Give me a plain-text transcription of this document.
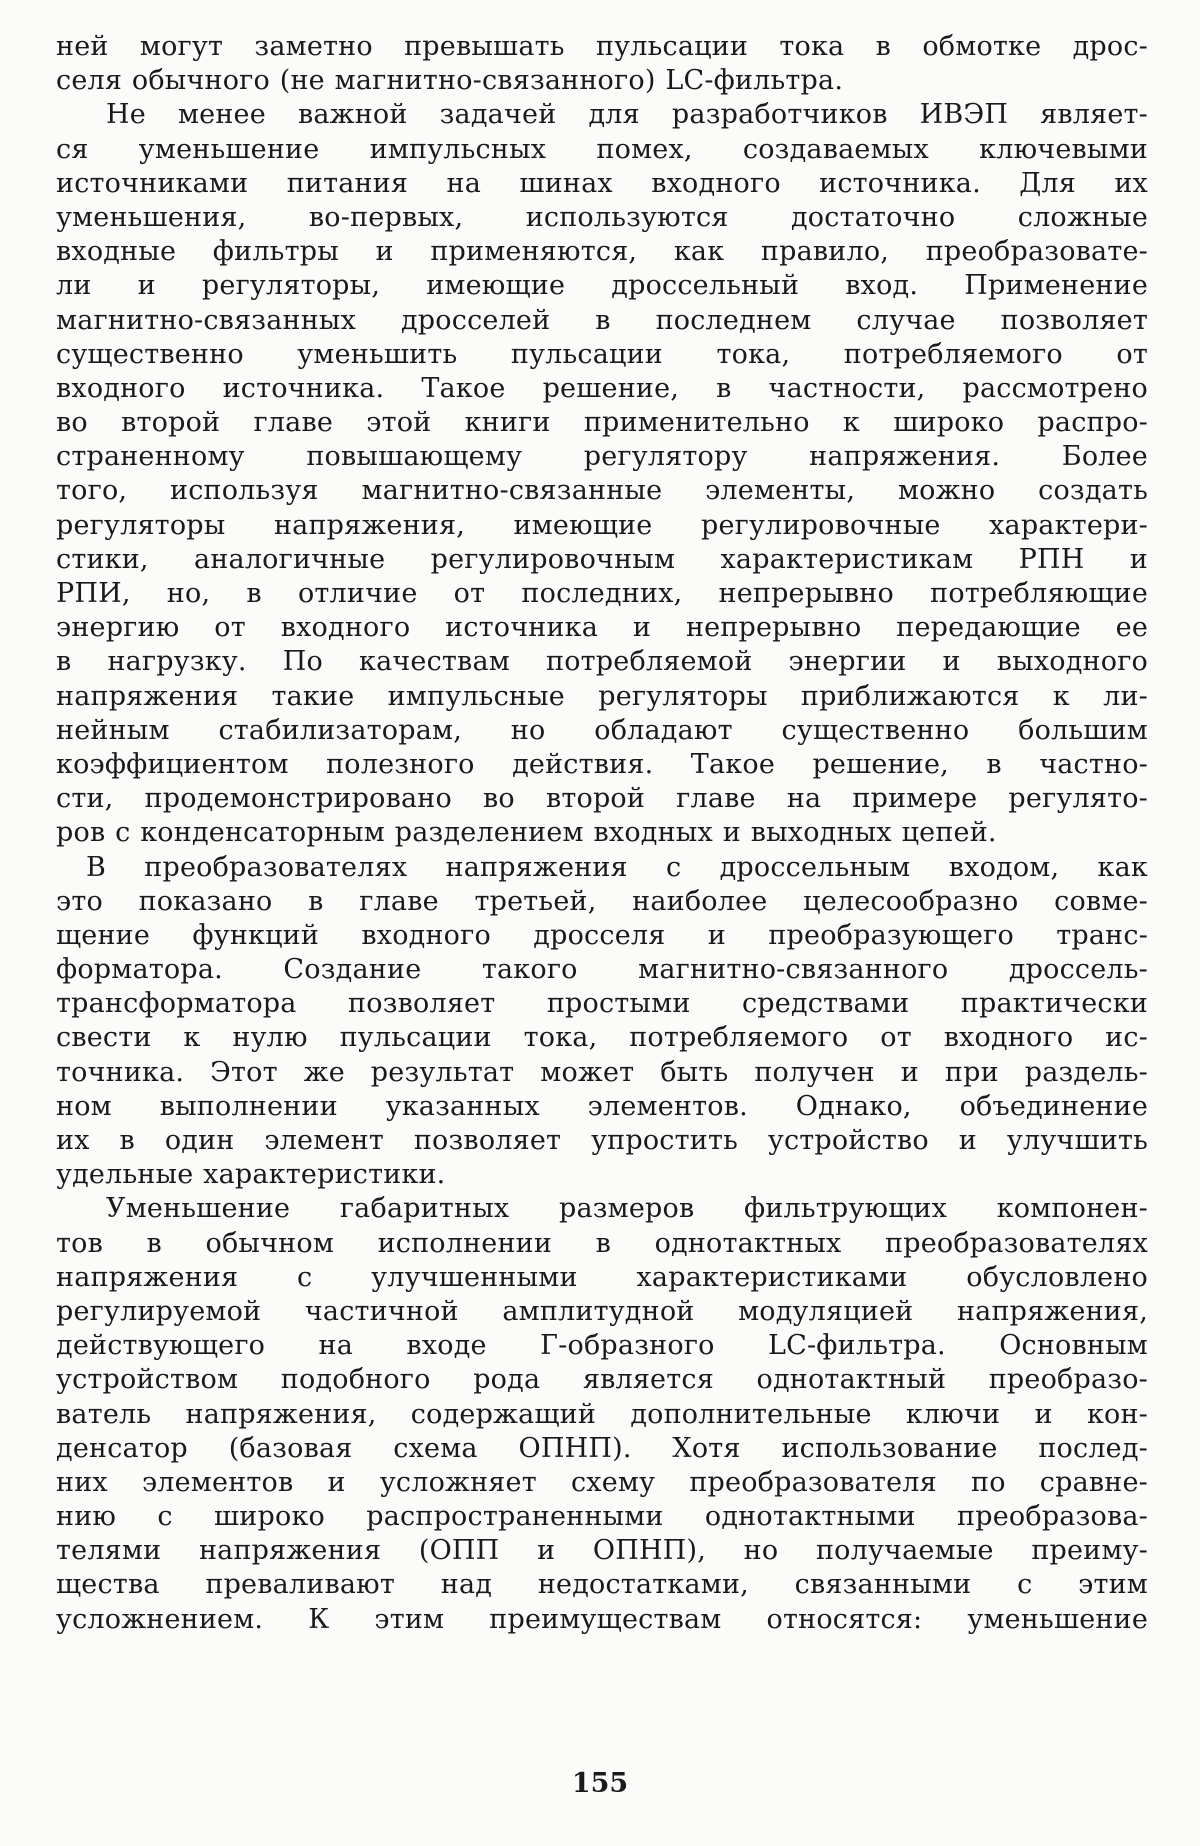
ней могут заметно превышать пульсации тока в обмотке дрос-
селя обычного (не магнитно-связанного) LC-фильтра.
Не менее важной задачей для разработчиков ИВЭП являет-
ся уменьшение импульсных помех, создаваемых ключевыми
источниками питания на шинах входного источника. Для их
уменьшения, во-первых, используются достаточно сложные
входные фильтры и применяются, как правило, преобразовате-
ли и регуляторы, имеющие дроссельный вход. Применение
магнитно-связанных дросселей в последнем случае позволяет
существенно уменьшить пульсации тока, потребляемого от
входного источника. Такое решение, в частности, рассмотрено
во второй главе этой книги применительно к широко распро-
страненному повышающему регулятору напряжения. Более
того, используя магнитно-связанные элементы, можно создать
регуляторы напряжения, имеющие регулировочные характери-
стики, аналогичные регулировочным характеристикам РПН и
РПИ, но, в отличие от последних, непрерывно потребляющие
энергию от входного источника и непрерывно передающие ее
в нагрузку. По качествам потребляемой энергии и выходного
напряжения такие импульсные регуляторы приближаются к ли-
нейным стабилизаторам, но обладают существенно большим
коэффициентом полезного действия. Такое решение, в частно-
сти, продемонстрировано во второй главе на примере регулято-
ров с конденсаторным разделением входных и выходных цепей.
В преобразователях напряжения с дроссельным входом, как
это показано в главе третьей, наиболее целесообразно совме-
щение функций входного дросселя и преобразующего транс-
форматора. Создание такого магнитно-связанного дроссель-
трансформатора позволяет простыми средствами практически
свести к нулю пульсации тока, потребляемого от входного ис-
точника. Этот же результат может быть получен и при раздель-
ном выполнении указанных элементов. Однако, объединение
их в один элемент позволяет упростить устройство и улучшить
удельные характеристики.
Уменьшение габаритных размеров фильтрующих компонен-
тов в обычном исполнении в однотактных преобразователях
напряжения с улучшенными характеристиками обусловлено
регулируемой частичной амплитудной модуляцией напряжения,
действующего на входе Г-образного LC-фильтра. Основным
устройством подобного рода является однотактный преобразо-
ватель напряжения, содержащий дополнительные ключи и кон-
денсатор (базовая схема ОПНП). Хотя использование послед-
них элементов и усложняет схему преобразователя по сравне-
нию с широко распространенными однотактными преобразова-
телями напряжения (ОПП и ОПНП), но получаемые преиму-
щества преваливают над недостатками, связанными с этим
усложнением. К этим преимуществам относятся: уменьшение
155
